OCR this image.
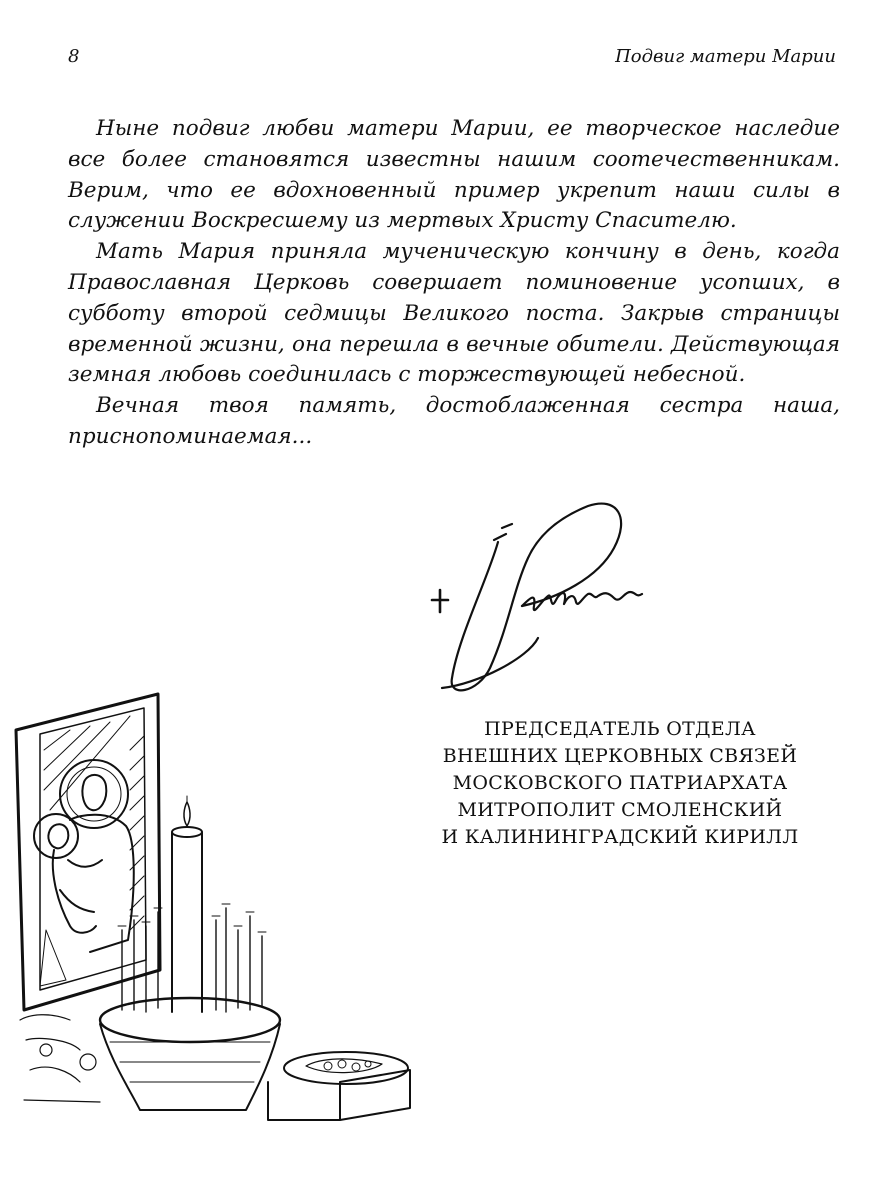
8	Подвиг матери Марии

Ныне подвиг любви матери Марии, ее творческое наследие все более становятся известны нашим соотечественникам. Верим, что ее вдохновенный пример укрепит наши силы в служении Воскресшему из мертвых Христу Спасителю.

Мать Мария приняла мученическую кончину в день, когда Православная Церковь совершает поминовение усопших, в субботу второй седмицы Великого поста. Закрыв страницы временной жизни, она перешла в вечные обители. Действующая земная любовь соединилась с торжествующей небесной.

Вечная твоя память, достоблаженная сестра наша, приснопоминаемая...

ПРЕДСЕДАТЕЛЬ ОТДЕЛА
ВНЕШНИХ ЦЕРКОВНЫХ СВЯЗЕЙ
МОСКОВСКОГО ПАТРИАРХАТА
МИТРОПОЛИТ СМОЛЕНСКИЙ
И КАЛИНИНГРАДСКИЙ КИРИЛЛ
